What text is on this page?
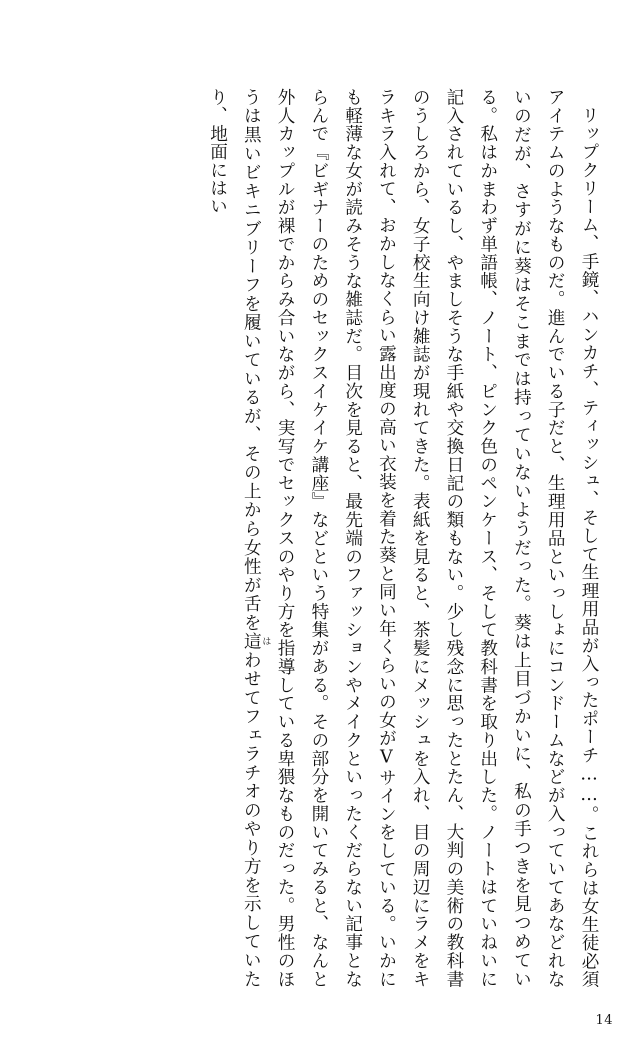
リップクリーム、手鏡、ハンカチ、ティッシュ、そして生理用品が入ったポーチ……。これらは女生徒必須アイテムのようなものだ。進んでいる子だと、生理用品といっしょにコンドームなどが入っていてあなどれないのだが、さすがに葵はそこまでは持っていないようだった。葵は上目づかいに、私の手つきを見つめている。私はかまわず単語帳、ノート、ピンク色のペンケース、そして教科書を取り出した。ノートはていねいに記入されているし、やましそうな手紙や交換日記の類もない。少し残念に思ったとたん、大判の美術の教科書のうしろから、女子校生向け雑誌が現れてきた。表紙を見ると、茶髪にメッシュを入れ、目の周辺にラメをキラキラ入れて、おかしなくらい露出度の高い衣装を着た葵と同い年くらいの女がVサインをしている。いかにも軽薄な女が読みそうな雑誌だ。目次を見ると、最先端のファッションやメイクといったくだらない記事とならんで『ビギナーのためのセックスイケイケ講座』などという特集がある。その部分を開いてみると、なんと外人カップルが裸でからみ合いながら、実写でセックスのやり方を指導している卑猥なものだった。男性のほうは黒いビキニブリーフを履いているが、その上から女性が舌を這 はわせてフェラチオのやり方を示していたり、地面にはい

14
